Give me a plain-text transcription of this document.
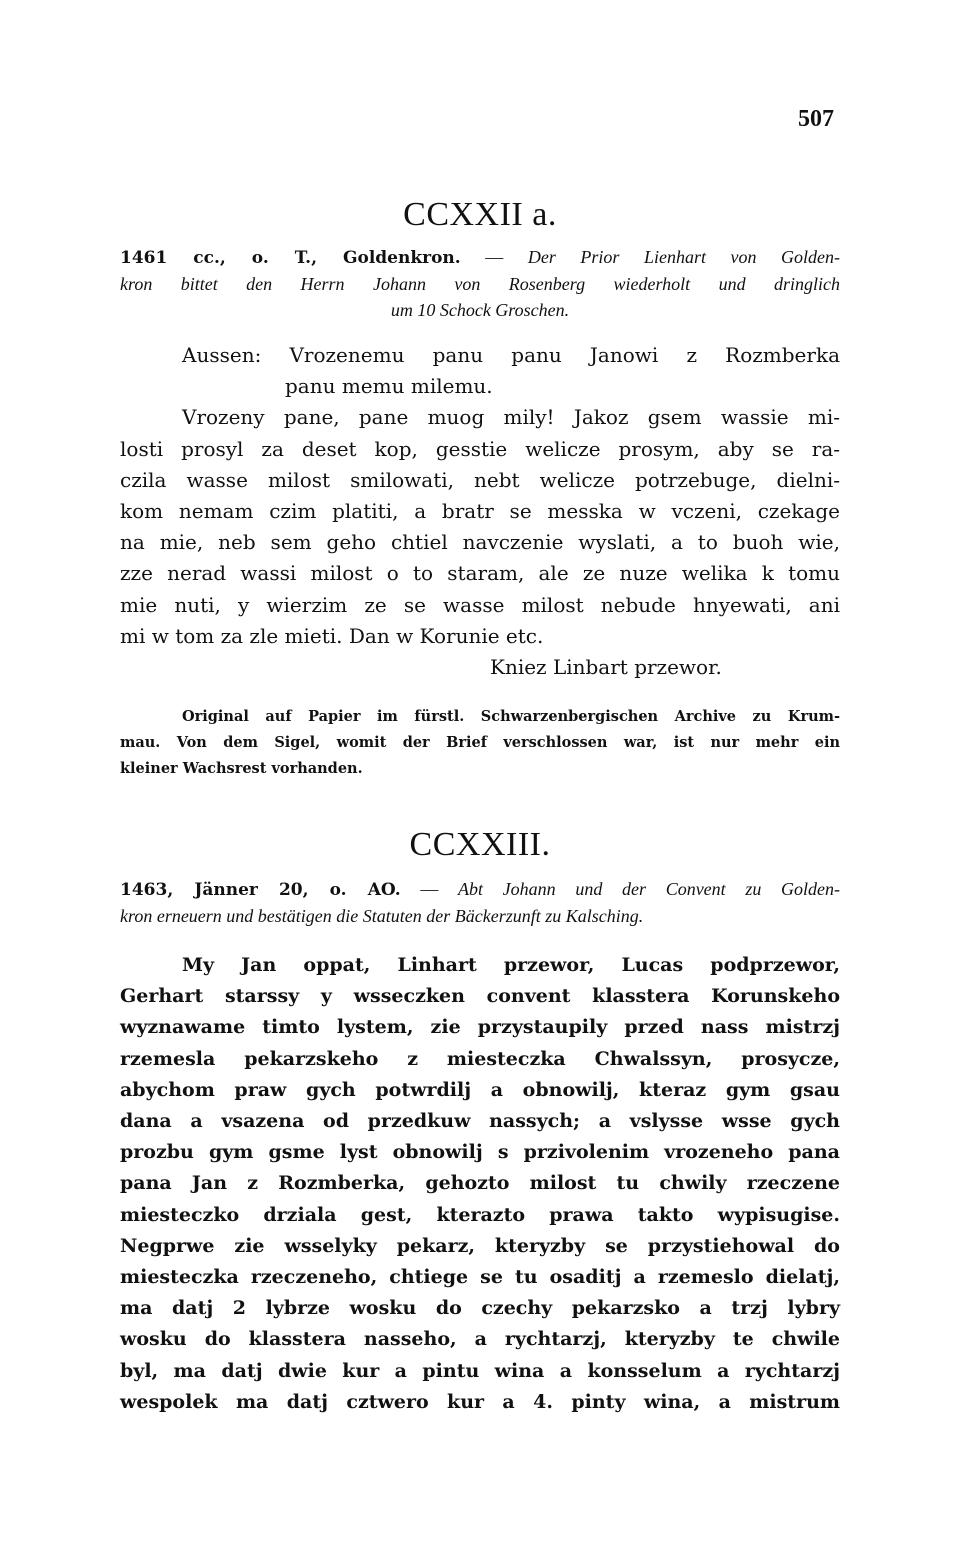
507
CCXXII a.
1461 cc., o. T., Goldenkron. — Der Prior Lienhart von Golden-
kron bittet den Herrn Johann von Rosenberg wiederholt und dringlich
um 10 Schock Groschen.
Aussen: Vrozenemu panu panu Janowi z Rozmberka
panu memu milemu.
Vrozeny pane, pane muog mily! Jakoz gsem wassie mi-
losti prosyl za deset kop, gesstie welicze prosym, aby se ra-
czila wasse milost smilowati, nebt welicze potrzebuge, dielni-
kom nemam czim platiti, a bratr se messka w vczeni, czekage
na mie, neb sem geho chtiel navczenie wyslati, a to buoh wie,
zze nerad wassi milost o to staram, ale ze nuze welika k tomu
mie nuti, y wierzim ze se wasse milost nebude hnyewati, ani
mi w tom za zle mieti. Dan w Korunie etc.
Kniez Linbart przewor.
Original auf Papier im fürstl. Schwarzenbergischen Archive zu Krum-
mau. Von dem Sigel, womit der Brief verschlossen war, ist nur mehr ein
kleiner Wachsrest vorhanden.
CCXXIII.
1463, Jänner 20, o. AO. — Abt Johann und der Convent zu Golden-
kron erneuern und bestätigen die Statuten der Bäckerzunft zu Kalsching.
My Jan oppat, Linhart przewor, Lucas podprzewor,
Gerhart starssy y wsseczken convent klasstera Korunskeho
wyznawame timto lystem, zie przystaupily przed nass mistrzj
rzemesla pekarzskeho z miesteczka Chwalssyn, prosycze,
abychom praw gych potwrdilj a obnowilj, kteraz gym gsau
dana a vsazena od przedkuw nassych; a vslysse wsse gych
prozbu gym gsme lyst obnowilj s przivolenim vrozeneho pana
pana Jan z Rozmberka, gehozto milost tu chwily rzeczene
miesteczko drziala gest, kterazto prawa takto wypisugise.
Negprwe zie wsselyky pekarz, kteryzby se przystiehowal do
miesteczka rzeczeneho, chtiege se tu osaditj a rzemeslo dielatj,
ma datj 2 lybrze wosku do czechy pekarzsko a trzj lybry
wosku do klasstera nasseho, a rychtarzj, kteryzby te chwile
byl, ma datj dwie kur a pintu wina a konsselum a rychtarzj
wespolek ma datj cztwero kur a 4. pinty wina, a mistrum
